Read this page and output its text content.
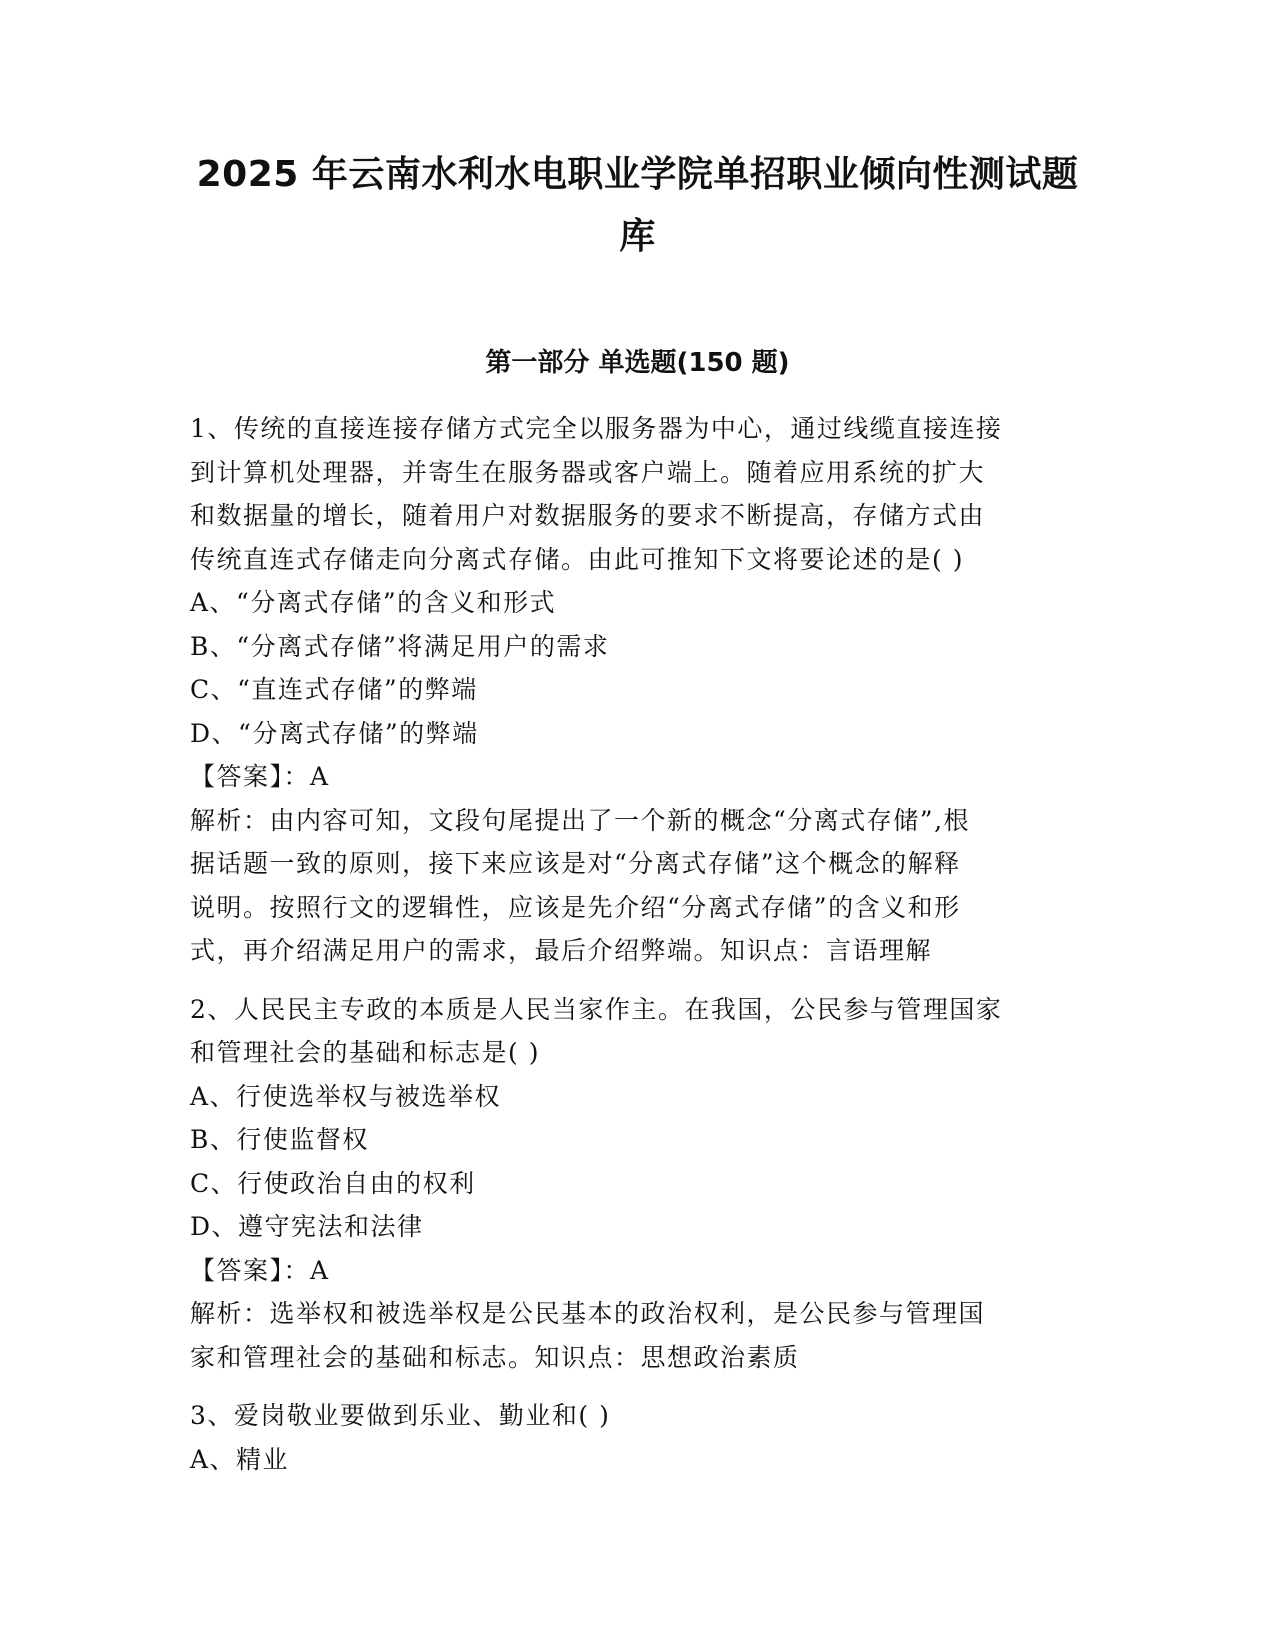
2025 年云南水利水电职业学院单招职业倾向性测试题
库
第一部分 单选题(150 题)
1、传统的直接连接存储方式完全以服务器为中心，通过线缆直接连接
到计算机处理器，并寄生在服务器或客户端上。随着应用系统的扩大
和数据量的增长，随着用户对数据服务的要求不断提高，存储方式由
传统直连式存储走向分离式存储。由此可推知下文将要论述的是( )
A、“分离式存储”的含义和形式
B、“分离式存储”将满足用户的需求
C、“直连式存储”的弊端
D、“分离式存储”的弊端
【答案】：A
解析：由内容可知，文段句尾提出了一个新的概念“分离式存储”,根
据话题一致的原则，接下来应该是对“分离式存储”这个概念的解释
说明。按照行文的逻辑性，应该是先介绍“分离式存储”的含义和形
式，再介绍满足用户的需求，最后介绍弊端。知识点：言语理解
2、人民民主专政的本质是人民当家作主。在我国，公民参与管理国家
和管理社会的基础和标志是( )
A、行使选举权与被选举权
B、行使监督权
C、行使政治自由的权利
D、遵守宪法和法律
【答案】：A
解析：选举权和被选举权是公民基本的政治权利，是公民参与管理国
家和管理社会的基础和标志。知识点：思想政治素质
3、爱岗敬业要做到乐业、勤业和( )
A、精业
